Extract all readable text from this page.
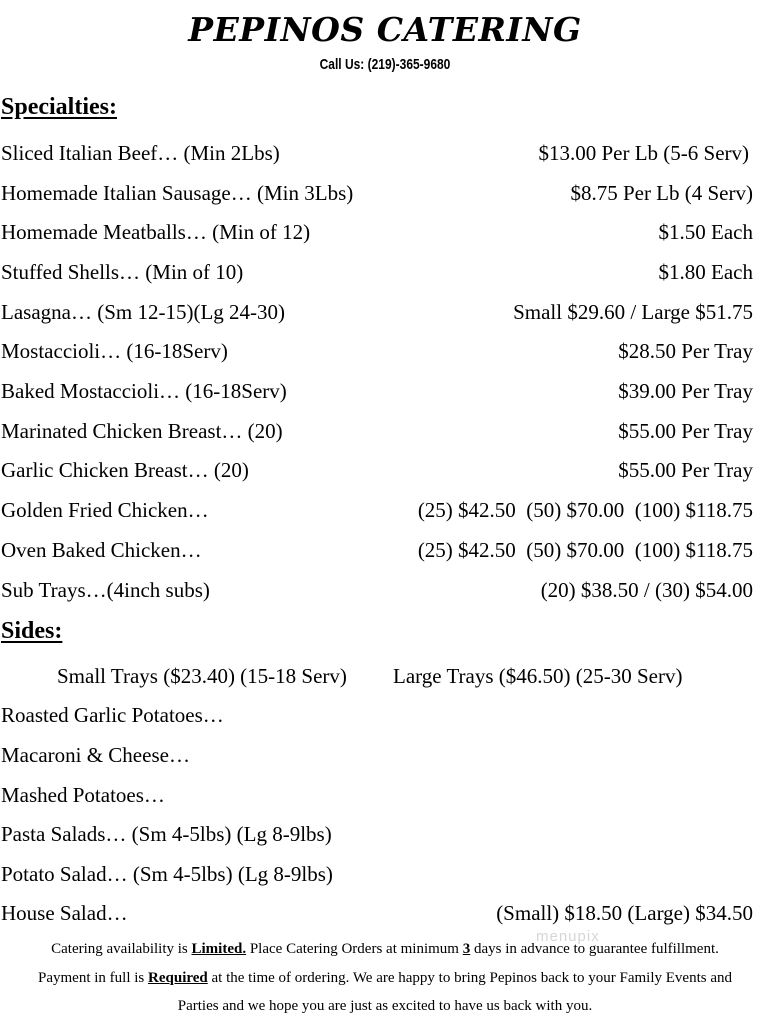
PEPINOS CATERING
Call Us: (219)-365-9680
Specialties:
Sliced Italian Beef… (Min 2Lbs)	$13.00 Per Lb (5-6 Serv)
Homemade Italian Sausage… (Min 3Lbs)	$8.75 Per Lb (4 Serv)
Homemade Meatballs… (Min of 12)	$1.50 Each
Stuffed Shells… (Min of 10)	$1.80 Each
Lasagna… (Sm 12-15)(Lg 24-30)	Small $29.60 / Large $51.75
Mostaccioli… (16-18Serv)	$28.50 Per Tray
Baked Mostaccioli… (16-18Serv)	$39.00 Per Tray
Marinated Chicken Breast… (20)	$55.00 Per Tray
Garlic Chicken Breast… (20)	$55.00 Per Tray
Golden Fried Chicken…	(25) $42.50  (50) $70.00  (100) $118.75
Oven Baked Chicken…	(25) $42.50  (50) $70.00  (100) $118.75
Sub Trays…(4inch subs)	(20) $38.50 / (30) $54.00
Sides:
Small Trays ($23.40) (15-18 Serv) Large Trays ($46.50) (25-30 Serv)
Roasted Garlic Potatoes…
Macaroni & Cheese…
Mashed Potatoes…
Pasta Salads… (Sm 4-5lbs) (Lg 8-9lbs)
Potato Salad… (Sm 4-5lbs) (Lg 8-9lbs)
House Salad…	(Small) $18.50 (Large) $34.50
menupix
Catering availability is Limited. Place Catering Orders at minimum 3 days in advance to guarantee fulfillment.
Payment in full is Required at the time of ordering. We are happy to bring Pepinos back to your Family Events and
Parties and we hope you are just as excited to have us back with you.
